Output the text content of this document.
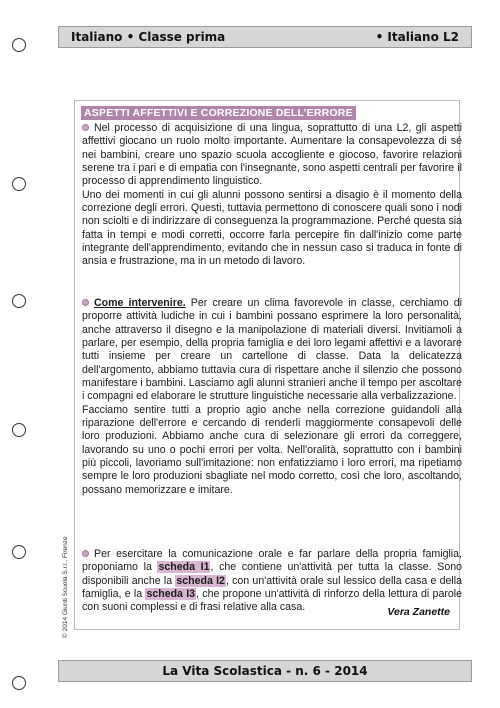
Italiano • Classe prima	• Italiano L2
ASPETTI AFFETTIVI E CORREZIONE DELL’ERRORE
Nel processo di acquisizione di una lingua, soprattutto di una L2, gli aspetti affettivi giocano un ruolo molto importante. Aumentare la consapevolezza di sé nei bambini, creare uno spazio scuola accogliente e giocoso, favorire relazioni serene tra i pari e di empatia con l'insegnante, sono aspetti centrali per favorire il processo di apprendimento linguistico.
Uno dei momenti in cui gli alunni possono sentirsi a disagio è il momento della correzione degli errori. Questi, tuttavia permettono di conoscere quali sono i nodi non sciolti e di indirizzare di conseguenza la programmazione. Perché questa sia fatta in tempi e modi corretti, occorre farla percepire fin dall'inizio come parte integrante dell'apprendimento, evitando che in nessun caso si traduca in fonte di ansia e frustrazione, ma in un metodo di lavoro.
Come intervenire. Per creare un clima favorevole in classe, cerchiamo di proporre attività ludiche in cui i bambini possano esprimere la loro personalità, anche attraverso il disegno e la manipolazione di materiali diversi. Invitiamoli a parlare, per esempio, della propria famiglia e dei loro legami affettivi e a lavorare tutti insieme per creare un cartellone di classe. Data la delicatezza dell'argomento, abbiamo tuttavia cura di rispettare anche il silenzio che possono manifestare i bambini. Lasciamo agli alunni stranieri anche il tempo per ascoltare i compagni ed elaborare le strutture linguistiche necessarie alla verbalizzazione.
Facciamo sentire tutti a proprio agio anche nella correzione guidandoli alla riparazione dell'errore e cercando di renderli maggiormente consapevoli delle loro produzioni. Abbiamo anche cura di selezionare gli errori da correggere, lavorando su uno o pochi errori per volta. Nell'oralità, soprattutto con i bambini più piccoli, lavoriamo sull'imitazione: non enfatizziamo i loro errori, ma ripetiamo sempre le loro produzioni sbagliate nel modo corretto, così che loro, ascoltando, possano memorizzare e imitare.
Per esercitare la comunicazione orale e far parlare della propria famiglia, proponiamo la scheda I1, che contiene un'attività per tutta la classe. Sono disponibili anche la scheda I2, con un'attività orale sul lessico della casa e della famiglia, e la scheda I3, che propone un'attività di rinforzo della lettura di parole con suoni complessi e di frasi relative alla casa.	Vera Zanette
© 2014 Giunti Scuola S.r.l., Firenze
La Vita Scolastica - n. 6 - 2014
